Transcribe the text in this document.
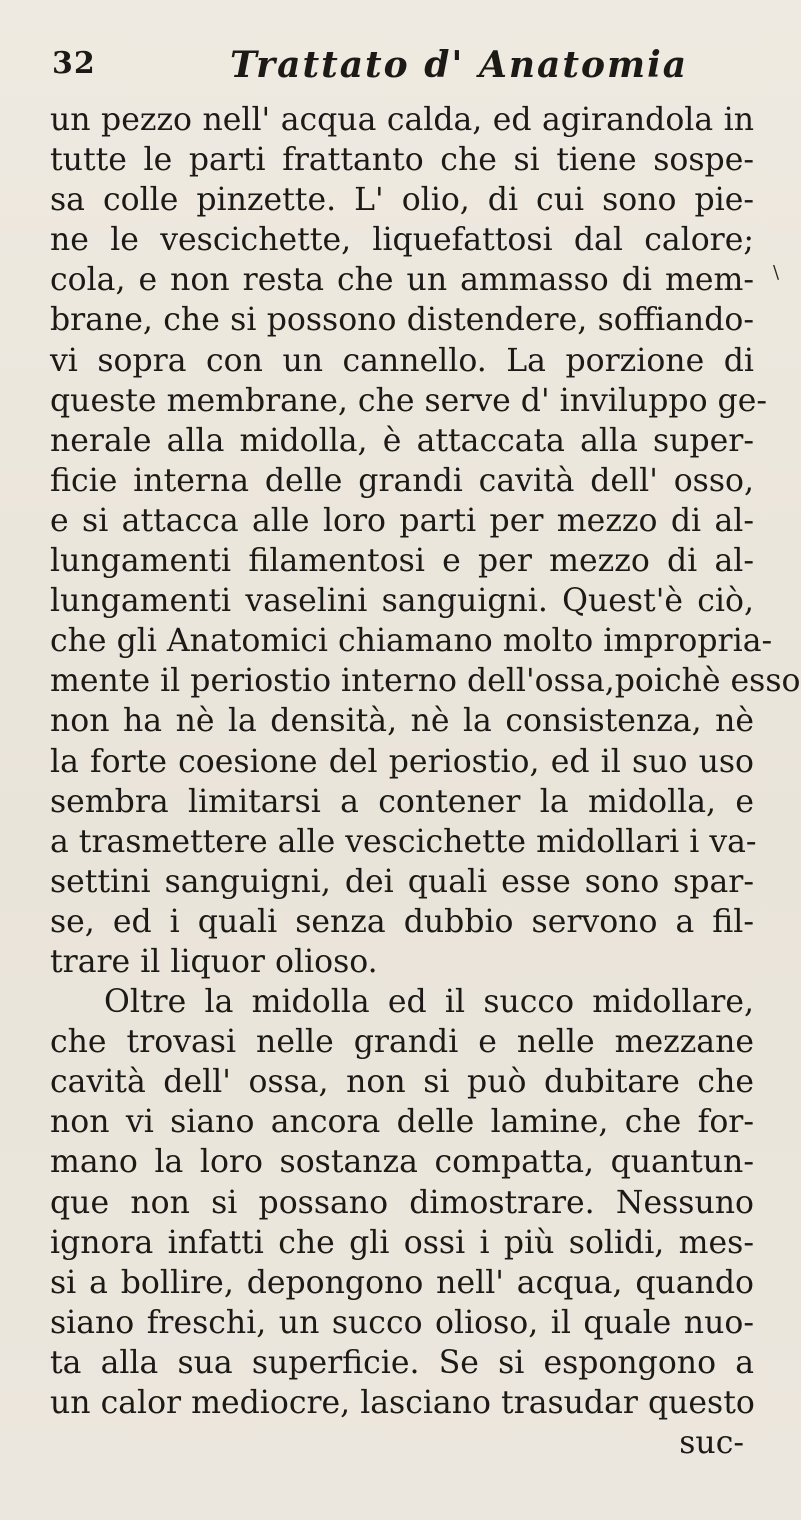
32	Trattato d' Anatomia
\
un pezzo nell' acqua calda, ed agirandola in
tutte le parti frattanto che si tiene sospe-
sa colle pinzette. L' olio, di cui sono pie-
ne le vescichette, liquefattosi dal calore;
cola, e non resta che un ammasso di mem-
brane, che si possono distendere, soffiando-
vi sopra con un cannello. La porzione di
queste membrane, che serve d' inviluppo ge-
nerale alla midolla, è attaccata alla super-
ficie interna delle grandi cavità dell' osso,
e si attacca alle loro parti per mezzo di al-
lungamenti filamentosi e per mezzo di al-
lungamenti vaselini sanguigni. Quest'è ciò,
che gli Anatomici chiamano molto impropria-
mente il periostio interno dell'ossa,poichè esso
non ha nè la densità, nè la consistenza, nè
la forte coesione del periostio, ed il suo uso
sembra limitarsi a contener la midolla, e
a trasmettere alle vescichette midollari i va-
settini sanguigni, dei quali esse sono spar-
se, ed i quali senza dubbio servono a fil-
trare il liquor olioso.
Oltre la midolla ed il succo midollare,
che trovasi nelle grandi e nelle mezzane
cavità dell' ossa, non si può dubitare che
non vi siano ancora delle lamine, che for-
mano la loro sostanza compatta, quantun-
que non si possano dimostrare. Nessuno
ignora infatti che gli ossi i più solidi, mes-
si a bollire, depongono nell' acqua, quando
siano freschi, un succo olioso, il quale nuo-
ta alla sua superficie. Se si espongono a
un calor mediocre, lasciano trasudar questo
suc-
